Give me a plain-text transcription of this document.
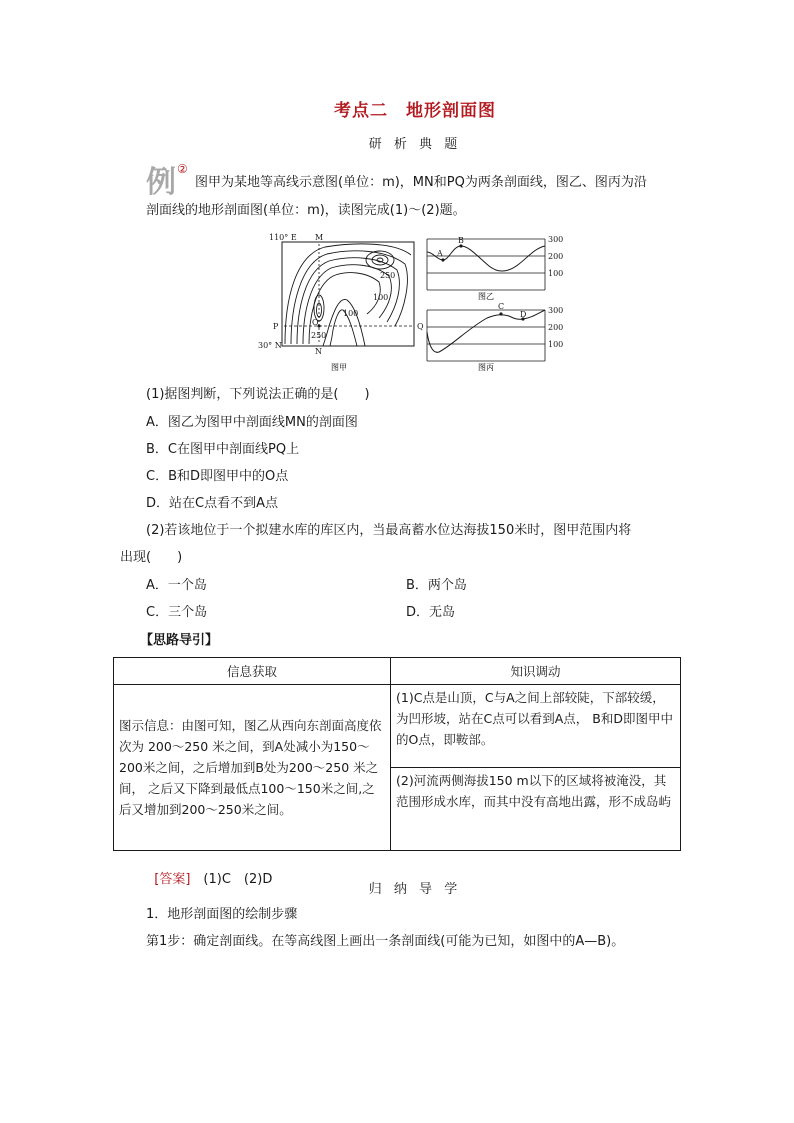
考点二　地形剖面图
研 析 典 题
例 ②
图甲为某地等高线示意图(单位：m)，MN和PQ为两条剖面线，图乙、图丙为沿
剖面线的地形剖面图(单位：m)，读图完成(1)～(2)题。
110° E
30° N
M
N
P	Q
O
250
100
100
250
图甲
A
B	300
200
100
图乙
C
D	300
200
100
图丙
(1)据图判断，下列说法正确的是(　　)
A．图乙为图甲中剖面线MN的剖面图
B．C在图甲中剖面线PQ上
C．B和D即图甲中的O点
D．站在C点看不到A点
(2)若该地位于一个拟建水库的库区内，当最高蓄水位达海拔150米时，图甲范围内将
出现(　　)
A．一个岛	B．两个岛
C．三个岛	D．无岛
【思路导引】
信息获取	知识调动
图示信息：由图可知，图乙从西向东剖面高度依次为 200～250 米之间，到A处减小为150～200米之间，之后增加到B处为200～250 米之间， 之后又下降到最低点100～150米之间,之后又增加到200～250米之间。	(1)C点是山顶，C与A之间上部较陡，下部较缓，为凹形坡，站在C点可以看到A点， B和D即图甲中的O点，即鞍部。
	(2)河流两侧海拔150 m以下的区域将被淹没，其范围形成水库，而其中没有高地出露，形不成岛屿

[答案]  (1)C　(2)D

归 纳 导 学
1．地形剖面图的绘制步骤
第1步：确定剖面线。在等高线图上画出一条剖面线(可能为已知，如图中的A—B)。
